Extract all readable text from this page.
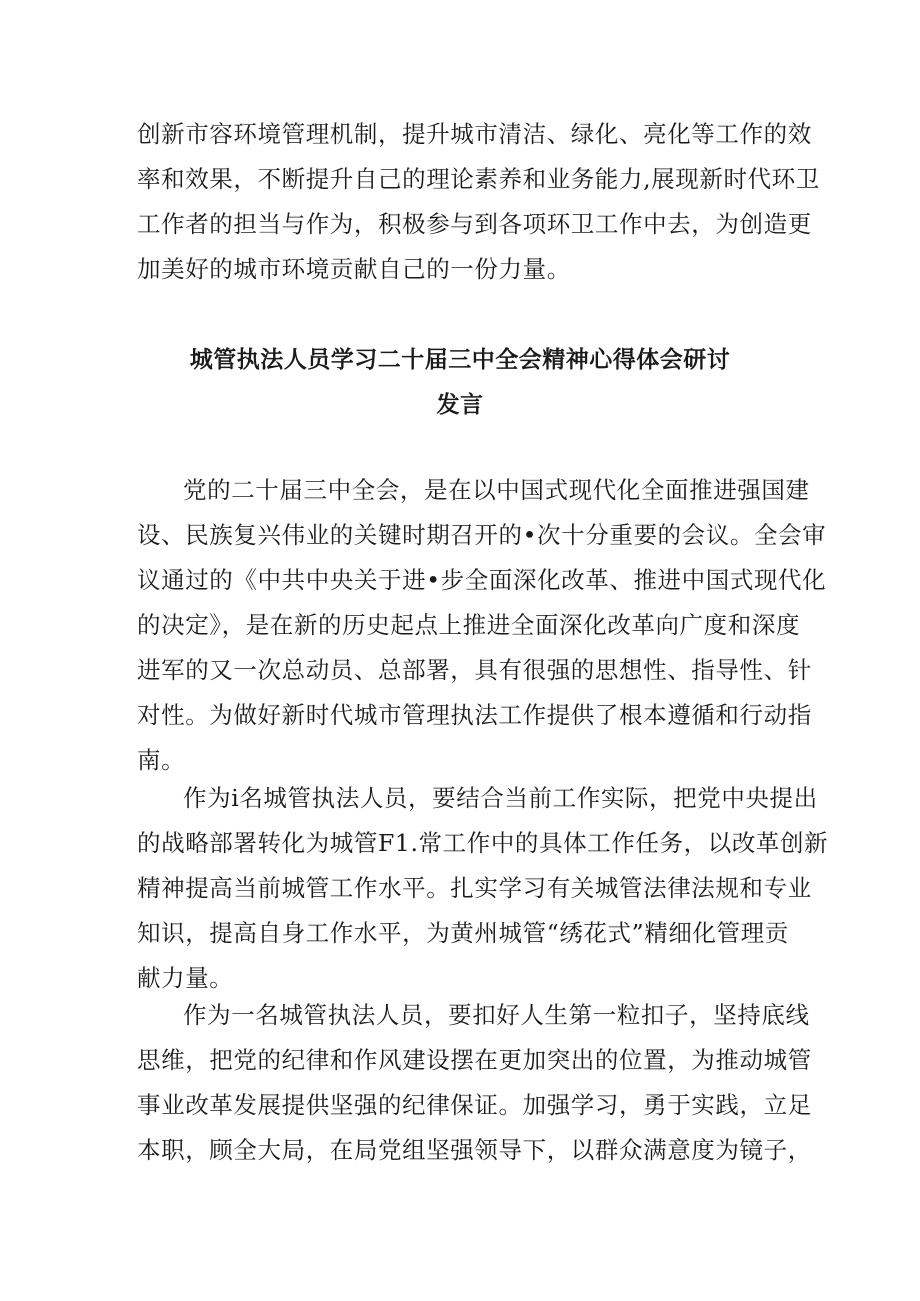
创新市容环境管理机制，提升城市清洁、绿化、亮化等工作的效
率和效果，不断提升自己的理论素养和业务能力,展现新时代环卫
工作者的担当与作为，积极参与到各项环卫工作中去，为创造更
加美好的城市环境贡献自己的一份力量。
城管执法人员学习二十届三中全会精神心得体会研讨
发言
党的二十届三中全会，是在以中国式现代化全面推进强国建
设、民族复兴伟业的关键时期召开的•次十分重要的会议。全会审
议通过的《中共中央关于进•步全面深化改革、推进中国式现代化
的决定》，是在新的历史起点上推进全面深化改革向广度和深度
进军的又一次总动员、总部署，具有很强的思想性、指导性、针
对性。为做好新时代城市管理执法工作提供了根本遵循和行动指
南。
作为i名城管执法人员，要结合当前工作实际，把党中央提出
的战略部署转化为城管F1.常工作中的具体工作任务，以改革创新
精神提高当前城管工作水平。扎实学习有关城管法律法规和专业
知识，提高自身工作水平，为黄州城管“绣花式”精细化管理贡
献力量。
作为一名城管执法人员，要扣好人生第一粒扣子，坚持底线
思维，把党的纪律和作风建设摆在更加突出的位置，为推动城管
事业改革发展提供坚强的纪律保证。加强学习，勇于实践，立足
本职，顾全大局，在局党组坚强领导下，以群众满意度为镜子，
